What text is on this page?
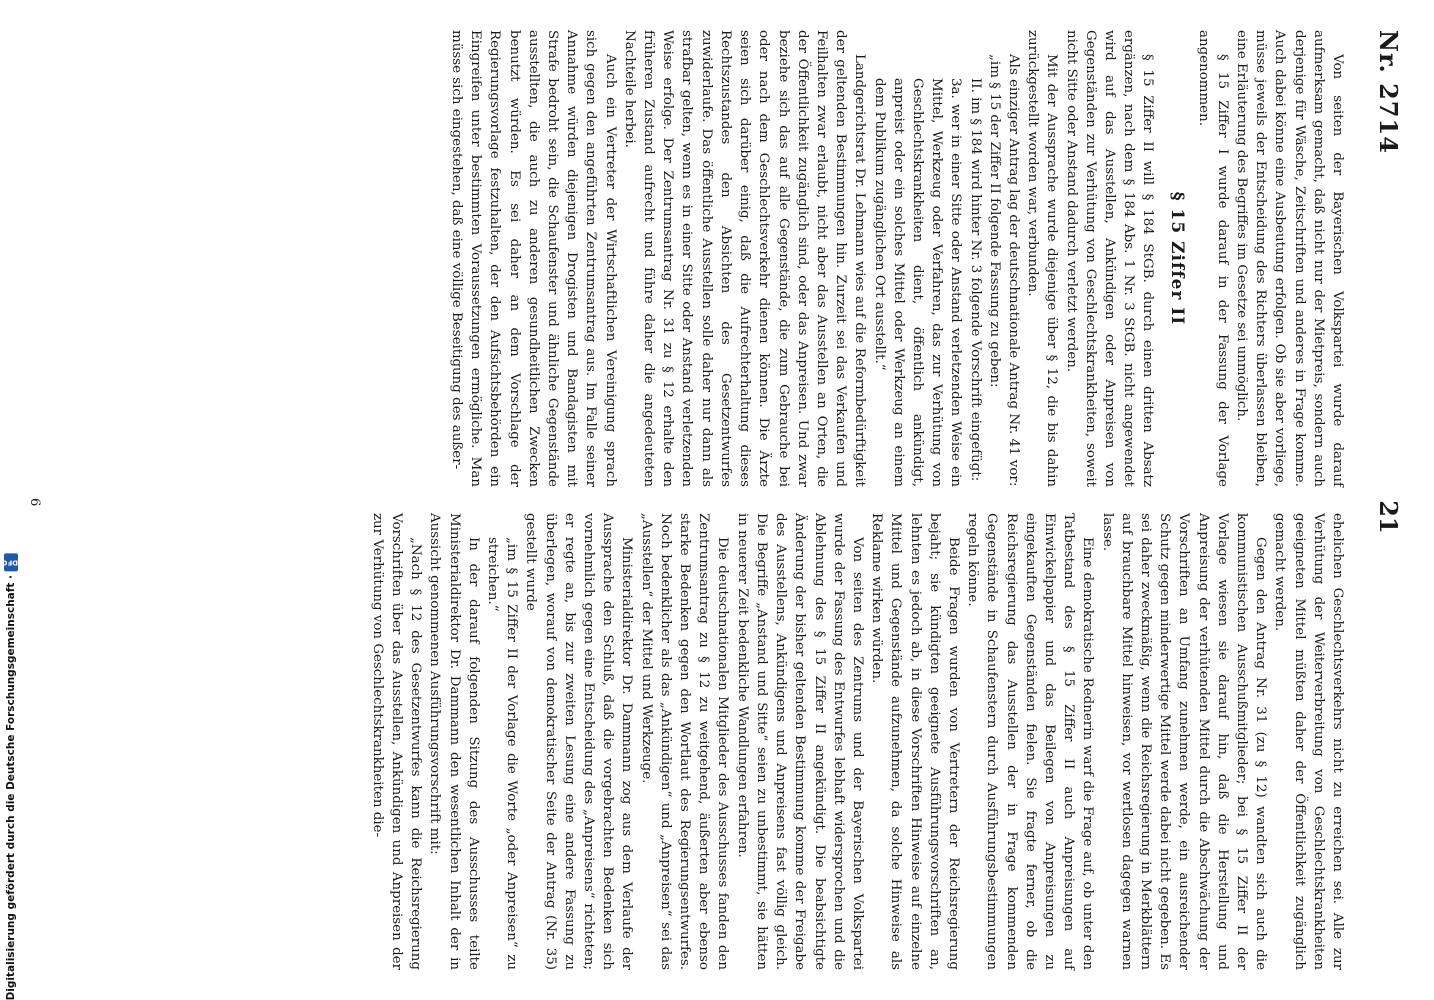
Digitalisierung gefördert durch die Deutsche Forschungsgemeinschaft ·
DFG
Nr. 2714
21

Von seiten der Bayerischen Volkspartei wurde darauf aufmerksam gemacht, daß nicht nur der Mietpreis, sondern auch derjenige für Wäsche, Zeitschriften und anderes in Frage komme. Auch dabei könne eine Ausbeutung erfolgen. Ob sie aber vorliege, müsse jeweils der Entscheidung des Richters überlassen bleiben, eine Erläuterung des Begriffes im Gesetze sei unmöglich.

§ 15 Ziffer I wurde darauf in der Fassung der Vorlage angenommen.

§ 15 Ziffer II

§ 15 Ziffer II will § 184 StGB. durch einen dritten Absatz ergänzen, nach dem § 184 Abs. 1 Nr. 3 StGB. nicht angewendet wird auf das Ausstellen, Ankündigen oder Anpreisen von Gegenständen zur Verhütung von Geschlechtskrankheiten, soweit nicht Sitte oder Anstand dadurch verletzt werden.

Mit der Aussprache wurde diejenige über § 12, die bis dahin zurückgestellt worden war, verbunden.

Als einziger Antrag lag der deutschnationale Antrag Nr. 41 vor:

„im § 15 der Ziffer II folgende Fassung zu geben:

II. im § 184 wird hinter Nr. 3 folgende Vorschrift eingefügt:

3a. wer in einer Sitte oder Anstand verletzenden Weise ein Mittel, Werkzeug oder Verfahren, das zur Verhütung von Geschlechtskrankheiten dient, öffentlich ankündigt, anpreist oder ein solches Mittel oder Werkzeug an einem dem Publikum zugänglichen Ort ausstellt.“

Landgerichtsrat Dr. Lehmann wies auf die Reformbedürftigkeit der geltenden Bestimmungen hin. Zurzeit sei das Verkaufen und Feilhalten zwar erlaubt, nicht aber das Ausstellen an Orten, die der Öffentlichkeit zugänglich sind, oder das Anpreisen. Und zwar beziehe sich das auf alle Gegenstände, die zum Gebrauche bei oder nach dem Geschlechtsverkehr dienen können. Die Ärzte seien sich darüber einig, daß die Aufrechterhaltung dieses Rechtszustandes den Absichten des Gesetzentwurfes zuwiderlaufe. Das öffentliche Ausstellen solle daher nur dann als strafbar gelten, wenn es in einer Sitte oder Anstand verletzenden Weise erfolge. Der Zentrumsantrag Nr. 31 zu § 12 erhalte den früheren Zustand aufrecht und führe daher die angedeuteten Nachteile herbei.

Auch ein Vertreter der Wirtschaftlichen Vereinigung sprach sich gegen den angeführten Zentrumsantrag aus. Im Falle seiner Annahme würden diejenigen Drogisten und Bandagisten mit Strafe bedroht sein, die Schaufenster und ähnliche Gegenstände ausstellten, die auch zu anderen gesundheitlichen Zwecken benutzt würden. Es sei daher an dem Vorschlage der Regierungsvorlage festzuhalten, der den Aufsichtsbehörden ein Eingreifen unter bestimmten Voraussetzungen ermögliche. Man müsse sich eingestehen, daß eine völlige Beseitigung des außer-

ehelichen Geschlechtsverkehrs nicht zu erreichen sei. Alle zur Verhütung der Weiterverbreitung von Geschlechtskrankheiten geeigneten Mittel müßten daher der Öffentlichkeit zugänglich gemacht werden.

Gegen den Antrag Nr. 31 (zu § 12) wandten sich auch die kommunistischen Ausschußmitglieder; bei § 15 Ziffer II der Vorlage wiesen sie darauf hin, daß die Herstellung und Anpreisung der verhütenden Mittel durch die Abschwächung der Vorschriften an Umfang zunehmen werde, ein ausreichender Schutz gegen minderwertige Mittel werde dabei nicht gegeben. Es sei daher zweckmäßig, wenn die Reichsregierung in Merkblättern auf brauchbare Mittel hinweisen, vor wertlosen dagegen warnen lasse.

Eine demokratische Rednerin warf die Frage auf, ob unter den Tatbestand des § 15 Ziffer II auch Anpreisungen auf Einwickelpapier und das Beilegen von Anpreisungen zu eingekauften Gegenständen fielen. Sie fragte ferner, ob die Reichsregierung das Ausstellen der in Frage kommenden Gegenstände in Schaufenstern durch Ausführungsbestimmungen regeln könne.

Beide Fragen wurden von Vertretern der Reichsregierung bejaht; sie kündigten geeignete Ausführungsvorschriften an, lehnten es jedoch ab, in diese Vorschriften Hinweise auf einzelne Mittel und Gegenstände aufzunehmen, da solche Hinweise als Reklame wirken würden.

Von seiten des Zentrums und der Bayerischen Volkspartei wurde der Fassung des Entwurfes lebhaft widersprochen und die Ablehnung des § 15 Ziffer II angekündigt. Die beabsichtigte Änderung der bisher geltenden Bestimmung komme der Freigabe des Ausstellens, Ankündigens und Anpreisens fast völlig gleich. Die Begriffe „Anstand und Sitte“ seien zu unbestimmt, sie hätten in neuerer Zeit bedenkliche Wandlungen erfahren.

Die deutschnationalen Mitglieder des Ausschusses fanden den Zentrumsantrag zu § 12 zu weitgehend, äußerten aber ebenso starke Bedenken gegen den Wortlaut des Regierungsentwurfes. Noch bedenklicher als das „Ankündigen“ und „Anpreisen“ sei das „Ausstellen“ der Mittel und Werkzeuge.

Ministerialdirektor Dr. Dammann zog aus dem Verlaufe der Aussprache den Schluß, daß die vorgebrachten Bedenken sich vornehmlich gegen eine Entscheidung des „Anpreisens“ richteten; er regte an, bis zur zweiten Lesung eine andere Fassung zu überlegen, worauf von demokratischer Seite der Antrag (Nr. 35) gestellt wurde

„im § 15 Ziffer II der Vorlage die Worte „oder Anpreisen“ zu streichen.“

In der darauf folgenden Sitzung des Ausschusses teilte Ministerialdirektor Dr. Dammann den wesentlichen Inhalt der in Aussicht genommenen Ausführungsvorschrift mit:

„Nach § 12 des Gesetzentwurfes kann die Reichsregierung Vorschriften über das Ausstellen, Ankündigen und Anpreisen der zur Verhütung von Geschlechtskrankheiten die-

6
